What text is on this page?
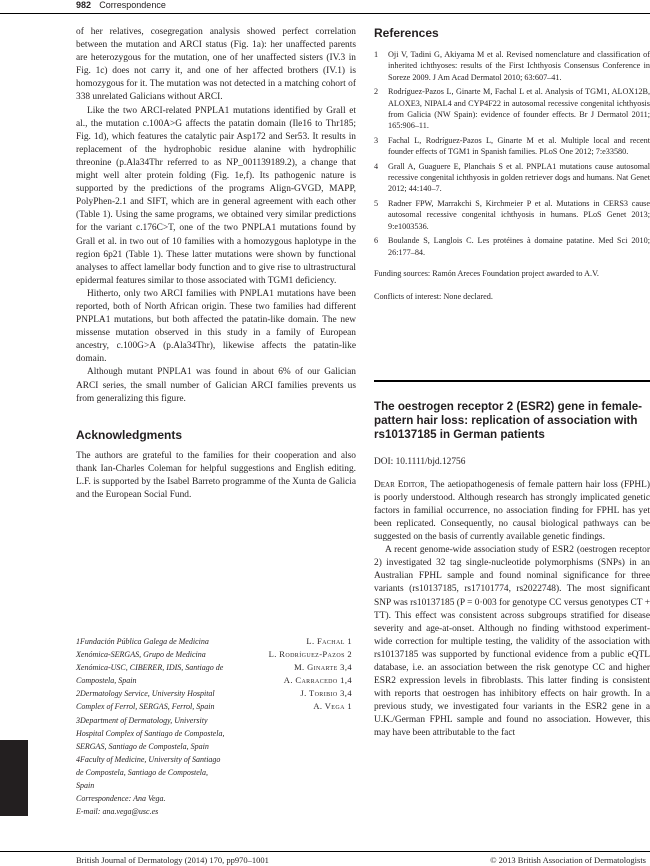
982 Correspondence

of her relatives, cosegregation analysis showed perfect correlation between the mutation and ARCI status (Fig. 1a): her unaffected parents are heterozygous for the mutation, one of her unaffected sisters (IV.3 in Fig. 1c) does not carry it, and one of her affected brothers (IV.1) is homozygous for it. The mutation was not detected in a matching cohort of 338 unrelated Galicians without ARCI.

Like the two ARCI-related PNPLA1 mutations identified by Grall et al., the mutation c.100A>G affects the patatin domain (Ile16 to Thr185; Fig. 1d), which features the catalytic pair Asp172 and Ser53. It results in replacement of the hydrophobic residue alanine with hydrophilic threonine (p.Ala34Thr referred to as NP_001139189.2), a change that might well alter protein folding (Fig. 1e,f). Its pathogenic nature is supported by the predictions of the programs Align-GVGD, MAPP, PolyPhen-2.1 and SIFT, which are in general agreement with each other (Table 1). Using the same programs, we obtained very similar predictions for the variant c.176C>T, one of the two PNPLA1 mutations found by Grall et al. in two out of 10 families with a homozygous haplotype in the region 6p21 (Table 1). These latter mutations were shown by functional analyses to affect lamellar body function and to give rise to ultrastructural epidermal features similar to those associated with TGM1 deficiency.

Hitherto, only two ARCI families with PNPLA1 mutations have been reported, both of North African origin. These two families had different PNPLA1 mutations, but both affected the patatin-like domain. The new missense mutation observed in this study in a family of European ancestry, c.100G>A (p.Ala34Thr), likewise affects the patatin-like domain.

Although mutant PNPLA1 was found in about 6% of our Galician ARCI series, the small number of Galician ARCI families prevents us from generalizing this figure.

Acknowledgments

The authors are grateful to the families for their cooperation and also thank Ian-Charles Coleman for helpful suggestions and English editing. L.F. is supported by the Isabel Barreto programme of the Xunta de Galicia and the European Social Fund.

1Fundación Pública Galega de Medicina
Xenómica-SERGAS, Grupo de Medicina
Xenómica-USC, CIBERER, IDIS, Santiago de
Compostela, Spain
2Dermatology Service, University Hospital
Complex of Ferrol, SERGAS, Ferrol, Spain
3Department of Dermatology, University
Hospital Complex of Santiago de Compostela,
SERGAS, Santiago de Compostela, Spain
4Faculty of Medicine, University of Santiago
de Compostela, Santiago de Compostela,
Spain
Correspondence: Ana Vega.
E-mail: ana.vega@usc.es
L. Fachal 1
L. Rodríguez-Pazos 2
M. Ginarte 3,4
A. Carracedo 1,4
J. Toribio 3,4
A. Vega 1
References
1 Oji V, Tadini G, Akiyama M et al. Revised nomenclature and classification of inherited ichthyoses: results of the First Ichthyosis Consensus Conference in Soreze 2009. J Am Acad Dermatol 2010; 63:607–41.
2 Rodríguez-Pazos L, Ginarte M, Fachal L et al. Analysis of TGM1, ALOX12B, ALOXE3, NIPAL4 and CYP4F22 in autosomal recessive congenital ichthyosis from Galicia (NW Spain): evidence of founder effects. Br J Dermatol 2011; 165:906–11.
3 Fachal L, Rodríguez-Pazos L, Ginarte M et al. Multiple local and recent founder effects of TGM1 in Spanish families. PLoS One 2012; 7:e33580.
4 Grall A, Guaguere E, Planchais S et al. PNPLA1 mutations cause autosomal recessive congenital ichthyosis in golden retriever dogs and humans. Nat Genet 2012; 44:140–7.
5 Radner FPW, Marrakchi S, Kirchmeier P et al. Mutations in CERS3 cause autosomal recessive congenital ichthyosis in humans. PLoS Genet 2013; 9:e1003536.
6 Boulande S, Langlois C. Les protéines à domaine patatine. Med Sci 2010; 26:177–84.

Funding sources: Ramón Areces Foundation project awarded to A.V.

Conflicts of interest: None declared.

The oestrogen receptor 2 (ESR2) gene in female-pattern hair loss: replication of association with rs10137185 in German patients

DOI: 10.1111/bjd.12756

Dear Editor, The aetiopathogenesis of female pattern hair loss (FPHL) is poorly understood. Although research has strongly implicated genetic factors in familial occurrence, no association finding for FPHL has yet been replicated. Consequently, no causal biological pathways can be suggested on the basis of currently available genetic findings.

A recent genome-wide association study of ESR2 (oestrogen receptor 2) investigated 32 tag single-nucleotide polymorphisms (SNPs) in an Australian FPHL sample and found nominal significance for three variants (rs10137185, rs17101774, rs2022748). The most significant SNP was rs10137185 (P = 0·003 for genotype CC versus genotypes CT + TT). This effect was consistent across subgroups stratified for disease severity and age-at-onset. Although no finding withstood experiment-wide correction for multiple testing, the validity of the association with rs10137185 was supported by functional evidence from a public eQTL database, i.e. an association between the risk genotype CC and higher ESR2 expression levels in fibroblasts. This latter finding is consistent with reports that oestrogen has inhibitory effects on hair growth. In a previous study, we investigated four variants in the ESR2 gene in a U.K./German FPHL sample and found no association. However, this may have been attributable to the fact

British Journal of Dermatology (2014) 170, pp970–1001	© 2013 British Association of Dermatologists
